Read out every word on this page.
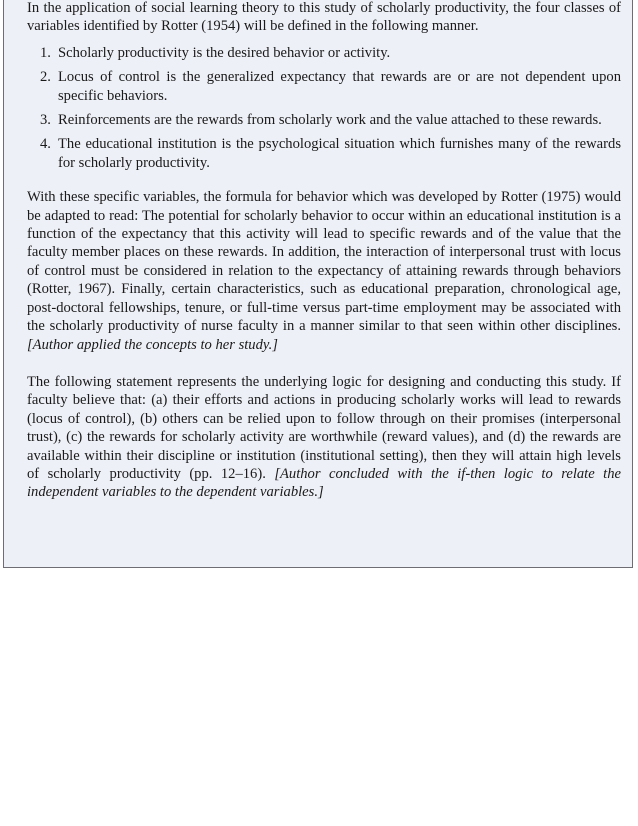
In the application of social learning theory to this study of scholarly productivity, the four classes of variables identified by Rotter (1954) will be defined in the following manner.

1. Scholarly productivity is the desired behavior or activity.
2. Locus of control is the generalized expectancy that rewards are or are not dependent upon specific behaviors.
3. Reinforcements are the rewards from scholarly work and the value attached to these rewards.
4. The educational institution is the psychological situation which furnishes many of the rewards for scholarly productivity.

With these specific variables, the formula for behavior which was developed by Rotter (1975) would be adapted to read: The potential for scholarly behavior to occur within an educational institution is a function of the expectancy that this activity will lead to specific rewards and of the value that the faculty member places on these rewards. In addition, the interaction of interpersonal trust with locus of control must be considered in relation to the expectancy of attaining rewards through behaviors (Rotter, 1967). Finally, certain characteristics, such as educational preparation, chronological age, post-doctoral fellowships, tenure, or full-time versus part-time employment may be associated with the scholarly productivity of nurse faculty in a manner similar to that seen within other disciplines. [Author applied the concepts to her study.]

The following statement represents the underlying logic for designing and conducting this study. If faculty believe that: (a) their efforts and actions in producing scholarly works will lead to rewards (locus of control), (b) others can be relied upon to follow through on their promises (interpersonal trust), (c) the rewards for scholarly activity are worthwhile (reward values), and (d) the rewards are available within their discipline or institution (institutional setting), then they will attain high levels of scholarly productivity (pp. 12–16). [Author concluded with the if-then logic to relate the independent variables to the dependent variables.]
